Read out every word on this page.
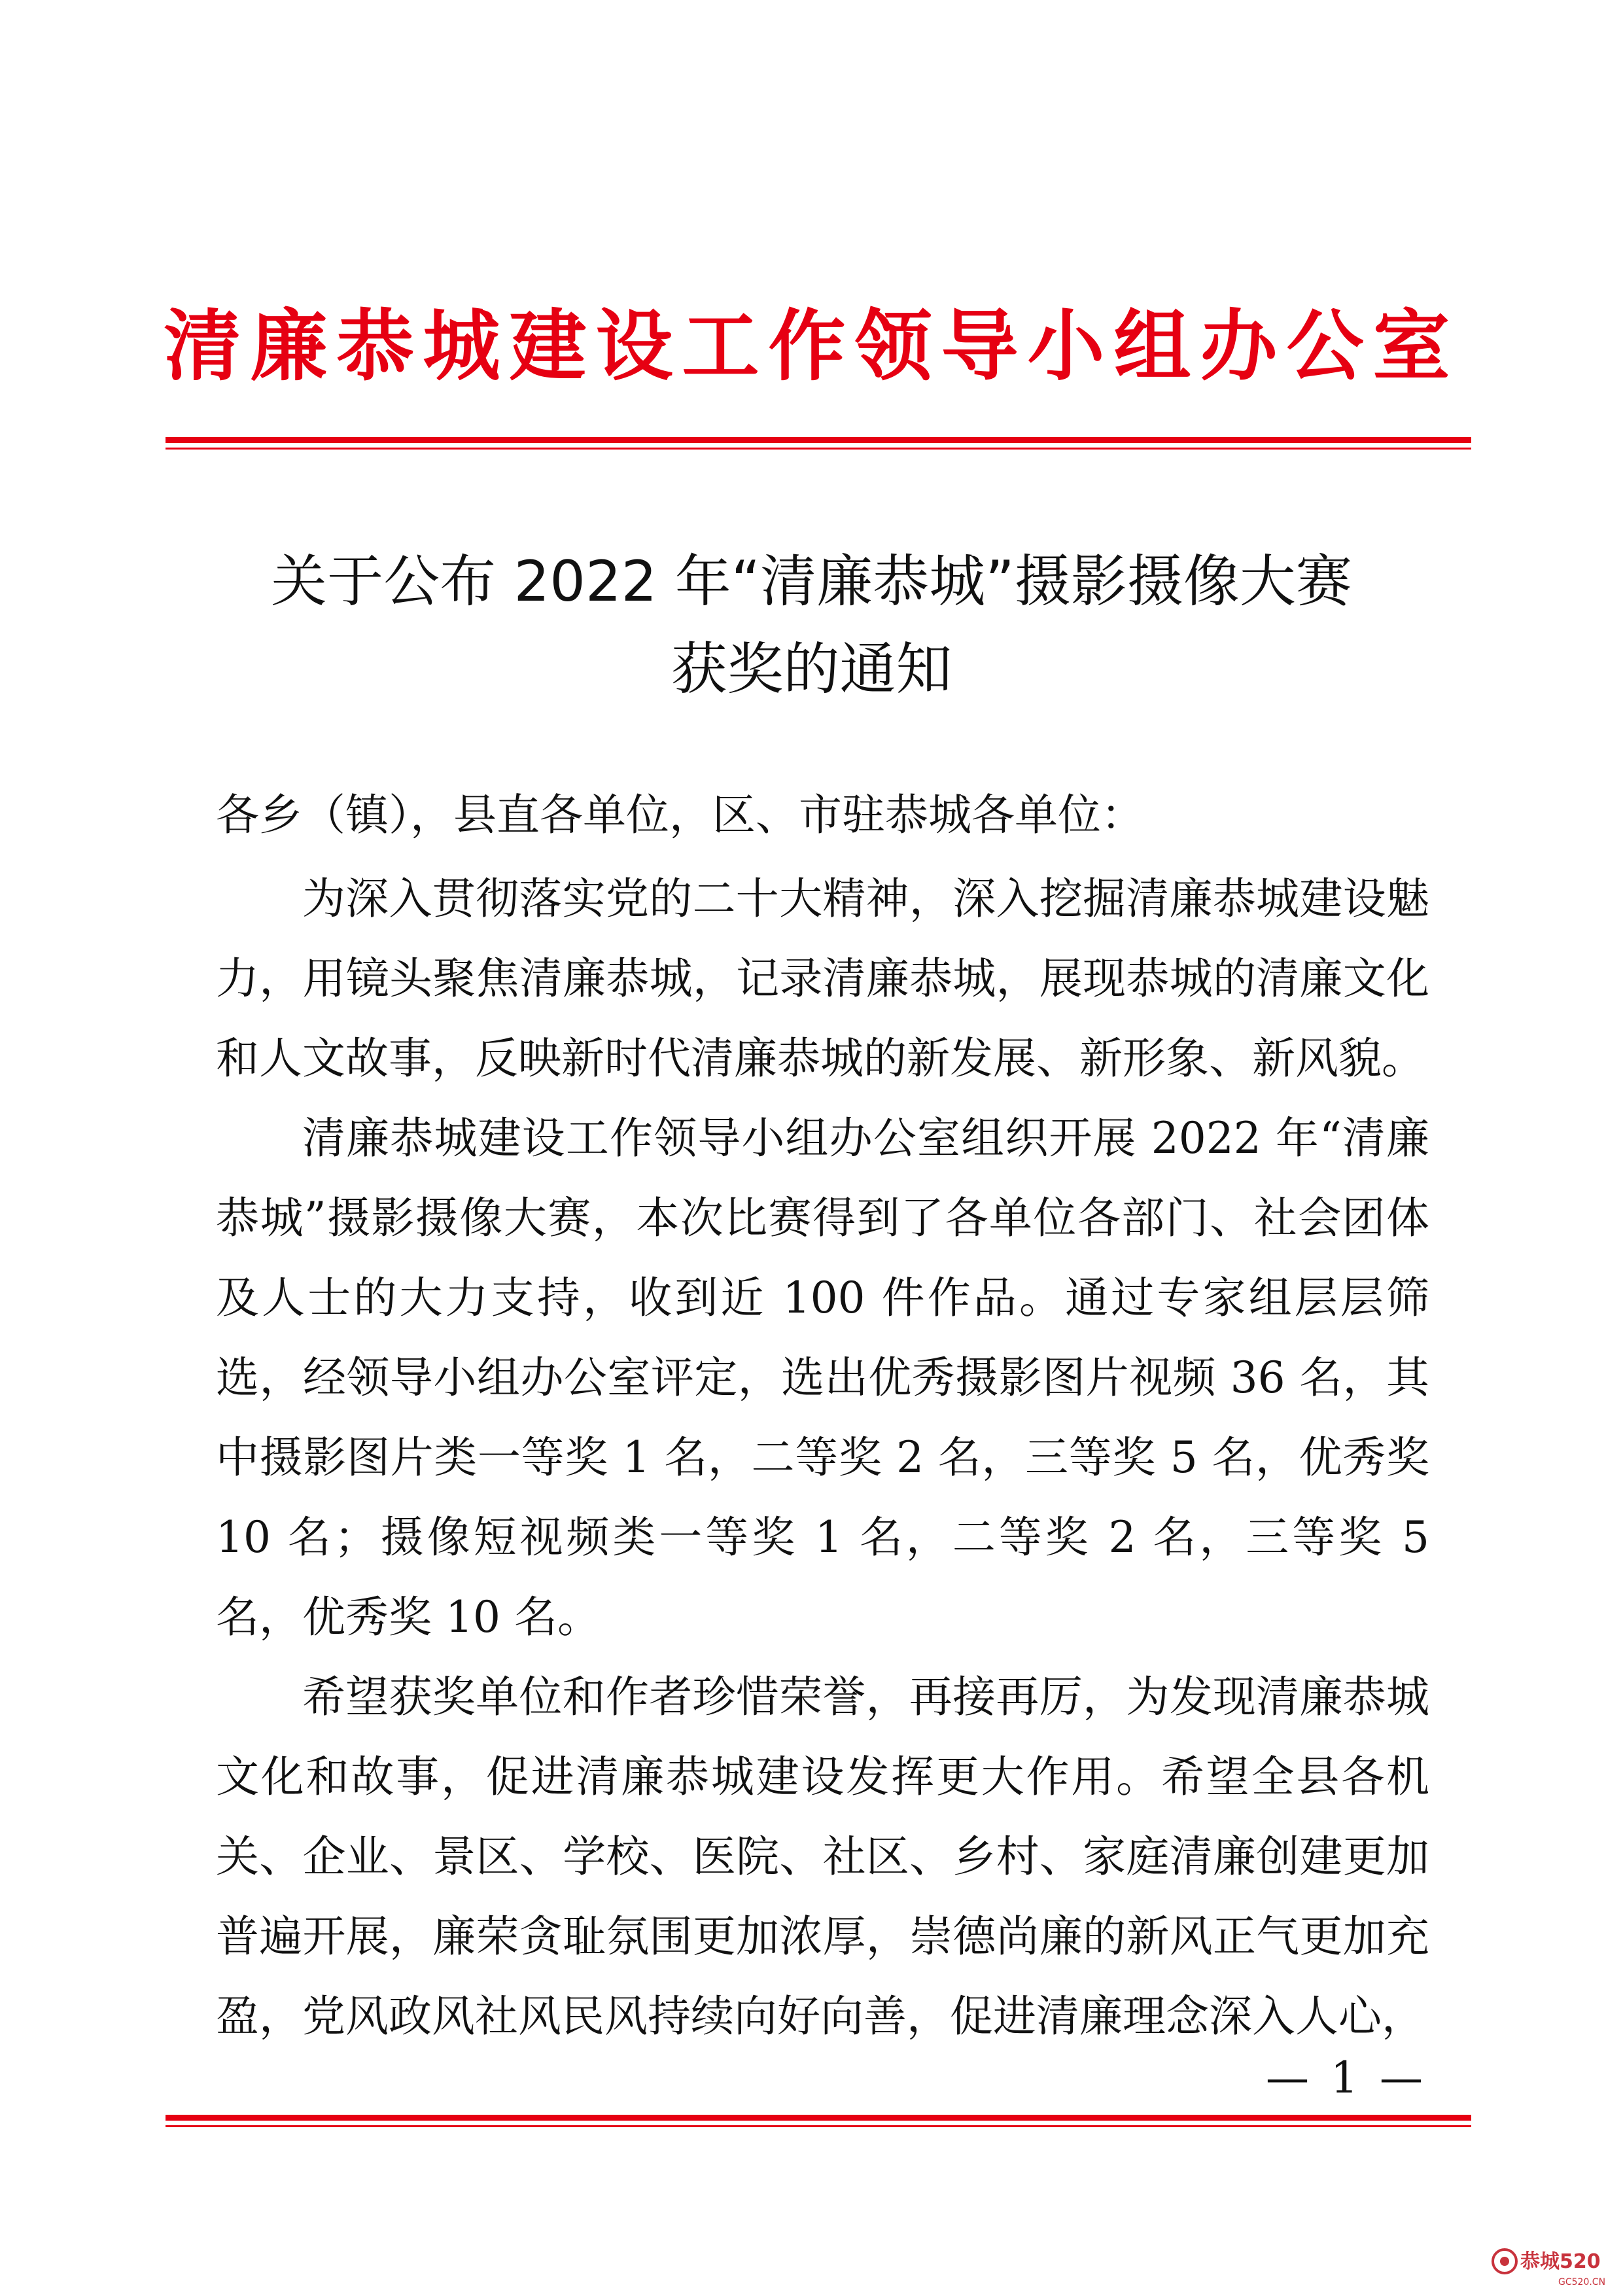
清廉恭城建设工作领导小组办公室
关于公布 2022 年“清廉恭城”摄影摄像大赛
获奖的通知
各乡（镇），县直各单位，区、市驻恭城各单位：

为深入贯彻落实党的二十大精神，深入挖掘清廉恭城建设魅力，用镜头聚焦清廉恭城，记录清廉恭城，展现恭城的清廉文化和人文故事，反映新时代清廉恭城的新发展、新形象、新风貌。

清廉恭城建设工作领导小组办公室组织开展 2022 年“清廉恭城”摄影摄像大赛，本次比赛得到了各单位各部门、社会团体及人士的大力支持，收到近 100 件作品。通过专家组层层筛选，经领导小组办公室评定，选出优秀摄影图片视频 36 名，其中摄影图片类一等奖 1 名，二等奖 2 名，三等奖 5 名，优秀奖 10 名；摄像短视频类一等奖 1 名，二等奖 2 名，三等奖 5 名，优秀奖 10 名。

希望获奖单位和作者珍惜荣誉，再接再厉，为发现清廉恭城文化和故事，促进清廉恭城建设发挥更大作用。希望全县各机关、企业、景区、学校、医院、社区、乡村、家庭清廉创建更加普遍开展，廉荣贪耻氛围更加浓厚，崇德尚廉的新风正气更加充盈，党风政风社风民风持续向好向善，促进清廉理念深入人心，

— 1 —
恭城520
GC520.CN
